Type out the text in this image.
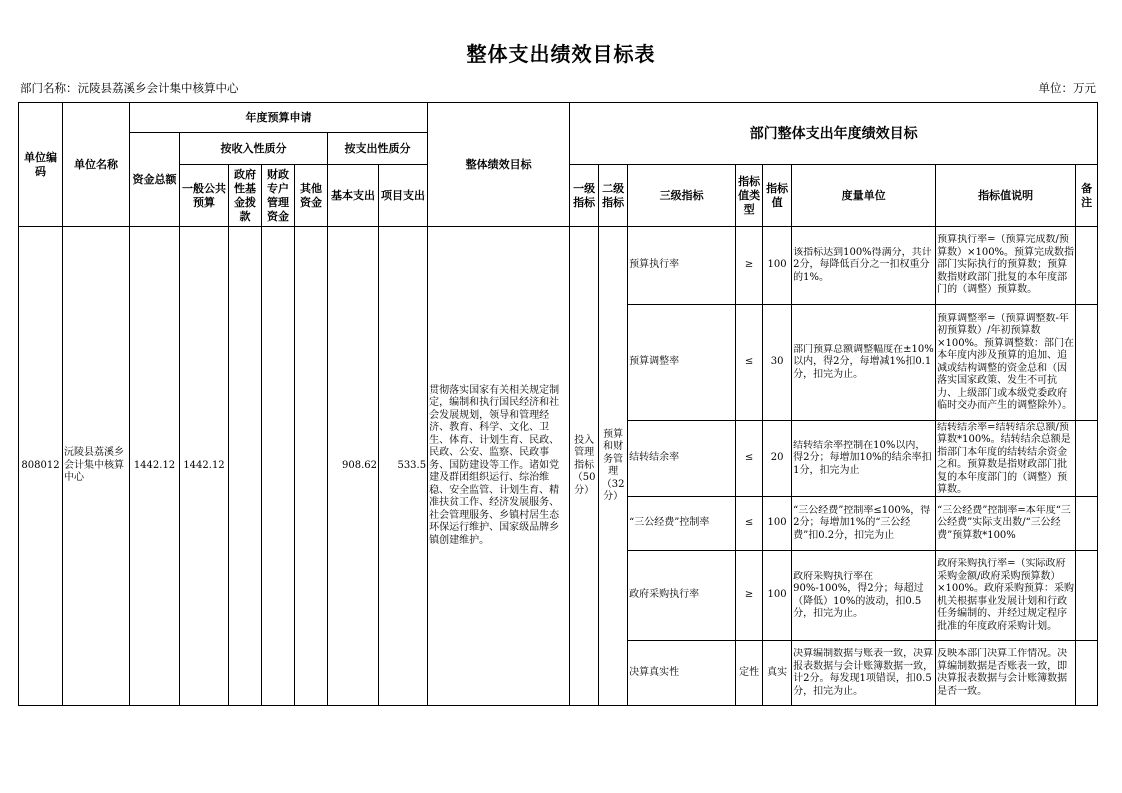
整体支出绩效目标表
部门名称：沅陵县荔溪乡会计集中核算中心	单位：万元
单位编码	单位名称	年度预算申请							整体绩效目标	部门整体支出年度绩效目标							
		资金总额	按收入性质分				按支出性质分										
			一般公共预算	政府性基金拨款	财政专户管理资金	其他资金	基本支出	项目支出		一级指标	二级指标	三级指标	指标值类型	指标值	度量单位	指标值说明	备注
808012	沅陵县荔溪乡会计集中核算中心	1442.12	1442.12				908.62	533.5	贯彻落实国家有关相关规定制定，编制和执行国民经济和社会发展规划，领导和管理经济、教育、科学、文化、卫生、体育、计划生育、民政、民政、公安、监察、民政事务、国防建设等工作。诸如党建及群团组织运行、综治维稳、安全监管、计划生育、精准扶贫工作、经济发展服务、社会管理服务、乡镇村居生态环保运行维护、国家级品牌乡镇创建维护。	投入管理指标（50分）	预算和财务管理（32分）	预算执行率	≥	100	该指标达到100%得满分，共计2分，每降低百分之一扣权重分的1%。	预算执行率=（预算完成数/预算数）×100%。预算完成数指部门实际执行的预算数；预算数指财政部门批复的本年度部门的（调整）预算数。	

												预算调整率	≤	30	部门预算总额调整幅度在±10%以内，得2分，每增减1%扣0.1分，扣完为止。	预算调整率=（预算调整数-年初预算数）/年初预算数×100%。预算调整数：部门在本年度内涉及预算的追加、追减或结构调整的资金总和（因落实国家政策、发生不可抗力、上级部门或本级党委政府临时交办而产生的调整除外）。	

												结转结余率	≤	20	结转结余率控制在10%以内，得2分；每增加10%的结余率扣1分，扣完为止	结转结余率=结转结余总额/预算数*100%。结转结余总额是指部门本年度的结转结余资金之和。预算数是指财政部门批复的本年度部门的（调整）预算数。	

												“三公经费”控制率	≤	100	“三公经费”控制率≤100%，得2分；每增加1%的“三公经费”扣0.2分，扣完为止	“三公经费”控制率=本年度“三公经费”实际支出数/“三公经费”预算数*100%	

												政府采购执行率	≥	100	政府采购执行率在90%-100%，得2分；每超过（降低）10%的波动，扣0.5分，扣完为止。	政府采购执行率=（实际政府采购金额/政府采购预算数）×100%。政府采购预算：采购机关根据事业发展计划和行政任务编制的、并经过规定程序批准的年度政府采购计划。	

												决算真实性	定性	真实	决算编制数据与账表一致，决算报表数据与会计账簿数据一致，计2分。每发现1项错误，扣0.5分，扣完为止。	反映本部门决算工作情况。决算编制数据是否账表一致，即决算报表数据与会计账簿数据是否一致。	
